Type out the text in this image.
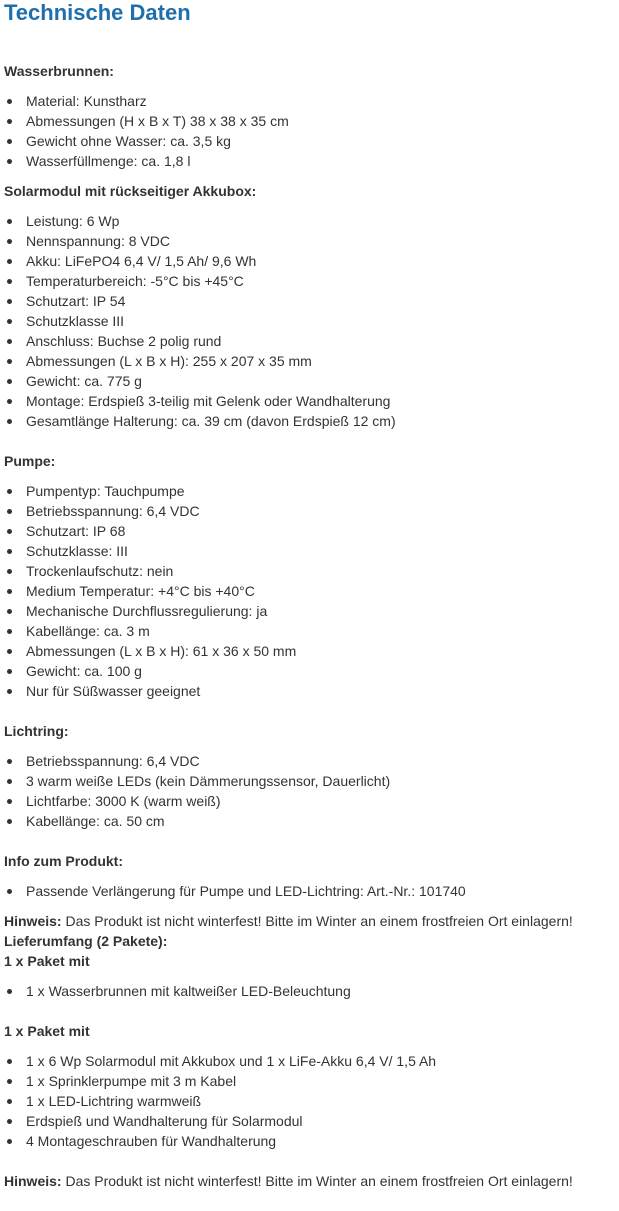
Technische Daten
Wasserbrunnen:
Material: Kunstharz
Abmessungen (H x B x T) 38 x 38 x 35 cm
Gewicht ohne Wasser: ca. 3,5 kg
Wasserfüllmenge: ca. 1,8 l
Solarmodul mit rückseitiger Akkubox:
Leistung: 6 Wp
Nennspannung: 8 VDC
Akku: LiFePO4 6,4 V/ 1,5 Ah/ 9,6 Wh
Temperaturbereich: -5°C bis +45°C
Schutzart: IP 54
Schutzklasse III
Anschluss: Buchse 2 polig rund
Abmessungen (L x B x H): 255 x 207 x 35 mm
Gewicht: ca. 775 g
Montage: Erdspieß 3-teilig mit Gelenk oder Wandhalterung
Gesamtlänge Halterung: ca. 39 cm (davon Erdspieß 12 cm)
Pumpe:
Pumpentyp: Tauchpumpe
Betriebsspannung: 6,4 VDC
Schutzart: IP 68
Schutzklasse: III
Trockenlaufschutz: nein
Medium Temperatur: +4°C bis +40°C
Mechanische Durchflussregulierung: ja
Kabellänge: ca. 3 m
Abmessungen (L x B x H): 61 x 36 x 50 mm
Gewicht: ca. 100 g
Nur für Süßwasser geeignet
Lichtring:
Betriebsspannung: 6,4 VDC
3 warm weiße LEDs (kein Dämmerungssensor, Dauerlicht)
Lichtfarbe: 3000 K (warm weiß)
Kabellänge: ca. 50 cm
Info zum Produkt:
Passende Verlängerung für Pumpe und LED-Lichtring: Art.-Nr.: 101740
Hinweis: Das Produkt ist nicht winterfest! Bitte im Winter an einem frostfreien Ort einlagern!
Lieferumfang (2 Pakete):
1 x Paket mit
1 x Wasserbrunnen mit kaltweißer LED-Beleuchtung
1 x Paket mit
1 x 6 Wp Solarmodul mit Akkubox und 1 x LiFe-Akku 6,4 V/ 1,5 Ah
1 x Sprinklerpumpe mit 3 m Kabel
1 x LED-Lichtring warmweiß
Erdspieß und Wandhalterung für Solarmodul
4 Montageschrauben für Wandhalterung
Hinweis: Das Produkt ist nicht winterfest! Bitte im Winter an einem frostfreien Ort einlagern!
